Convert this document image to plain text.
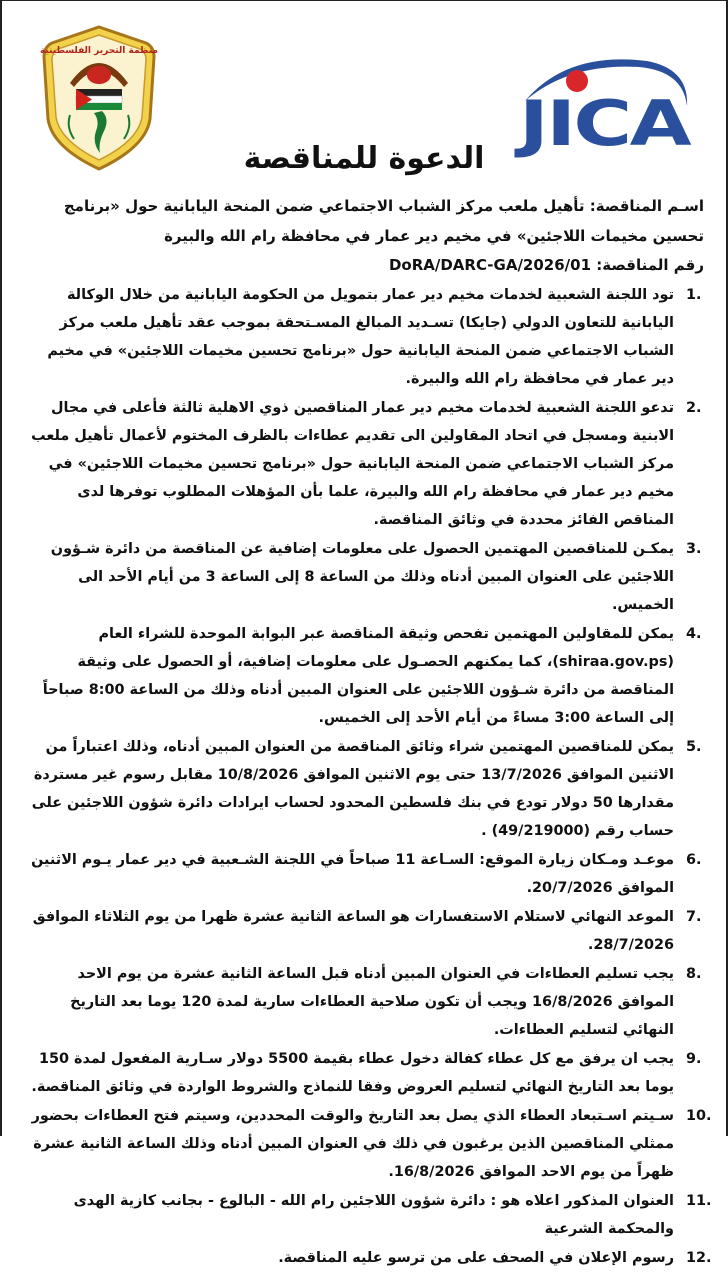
منظمة التحرير الفلسطينية
JICA
الدعوة للمناقصة

اسـم المناقصة: تأهيل ملعب مركز الشباب الاجتماعي ضمن المنحة اليابانية حول «برنامج تحسين مخيمات اللاجئين» في مخيم دير عمار في محافظة رام الله والبيرة

رقم المناقصة: DoRA/DARC-GA/2026/01

1.
تود اللجنة الشعبية لخدمات مخيم دير عمار بتمويل من الحكومة اليابانية من خلال الوكالة اليابانية للتعاون الدولي (جايكا) تسـديد المبالغ المسـتحقة بموجب عقد تأهيل ملعب مركز الشباب الاجتماعي ضمن المنحة اليابانية حول «برنامج تحسين مخيمات اللاجئين» في مخيم دير عمار في محافظة رام الله والبيرة.
2.
تدعو اللجنة الشعبية لخدمات مخيم دير عمار المناقصين ذوي الاهلية ثالثة فأعلى في مجال الابنية ومسجل في اتحاد المقاولين الى تقديم عطاءات بالظرف المختوم لأعمال تأهيل ملعب مركز الشباب الاجتماعي ضمن المنحة اليابانية حول «برنامج تحسين مخيمات اللاجئين» في مخيم دير عمار في محافظة رام الله والبيرة، علما بأن المؤهلات المطلوب توفرها لدى المناقص الفائز محددة في وثائق المناقصة.
3.
يمكـن للمناقصين المهتمين الحصول على معلومات إضافية عن المناقصة من دائرة شـؤون اللاجئين على العنوان المبين أدناه وذلك من الساعة 8 إلى الساعة 3 من أيام الأحد الى الخميس.
4.
يمكن للمقاولين المهتمين تفحص وثيقة المناقصة عبر البوابة الموحدة للشراء العام (shiraa.gov.ps)، كما يمكنهم الحصـول على معلومات إضافية، أو الحصول على وثيقة المناقصة من دائرة شـؤون اللاجئين على العنوان المبين أدناه وذلك من الساعة 8:00 صباحاً إلى الساعة 3:00 مساءً من أيام الأحد إلى الخميس.
5.
يمكن للمناقصين المهتمين شراء وثائق المناقصة من العنوان المبين أدناه، وذلك اعتباراً من الاثنين الموافق 13/7/2026 حتى يوم الاثنين الموافق 10/8/2026 مقابل رسوم غير مستردة مقدارها 50 دولار تودع في بنك فلسطين المحدود لحساب ايرادات دائرة شؤون اللاجئين على حساب رقم (49/219000) .
6.
موعـد ومـكان زيارة الموقع: السـاعة 11 صباحاً في اللجنة الشـعبية في دير عمار يـوم الاثنين الموافق 20/7/2026.
7.
الموعد النهائي لاستلام الاستفسارات هو الساعة الثانية عشرة ظهرا من يوم الثلاثاء الموافق 28/7/2026.
8.
يجب تسليم العطاءات في العنوان المبين أدناه قبل الساعة الثانية عشرة من يوم الاحد الموافق 16/8/2026 ويجب أن تكون صلاحية العطاءات سارية لمدة 120 يوما بعد التاريخ النهائي لتسليم العطاءات.
9.
يجب ان يرفق مع كل عطاء كفالة دخول عطاء بقيمة 5500 دولار سـارية المفعول لمدة 150 يوما بعد التاريخ النهائي لتسليم العروض وفقا للنماذج والشروط الواردة في وثائق المناقصة.
10.
سـيتم اسـتبعاد العطاء الذي يصل بعد التاريخ والوقت المحددين، وسيتم فتح العطاءات بحضور ممثلي المناقصين الذين يرغبون في ذلك في العنوان المبين أدناه وذلك الساعة الثانية عشرة ظهراً من يوم الاحد الموافق 16/8/2026.
11.
العنوان المذكور اعلاه هو : دائرة شؤون اللاجئين رام الله - البالوع - بجانب كازية الهدى والمحكمة الشرعية
12.
رسوم الإعلان في الصحف على من ترسو عليه المناقصة.
